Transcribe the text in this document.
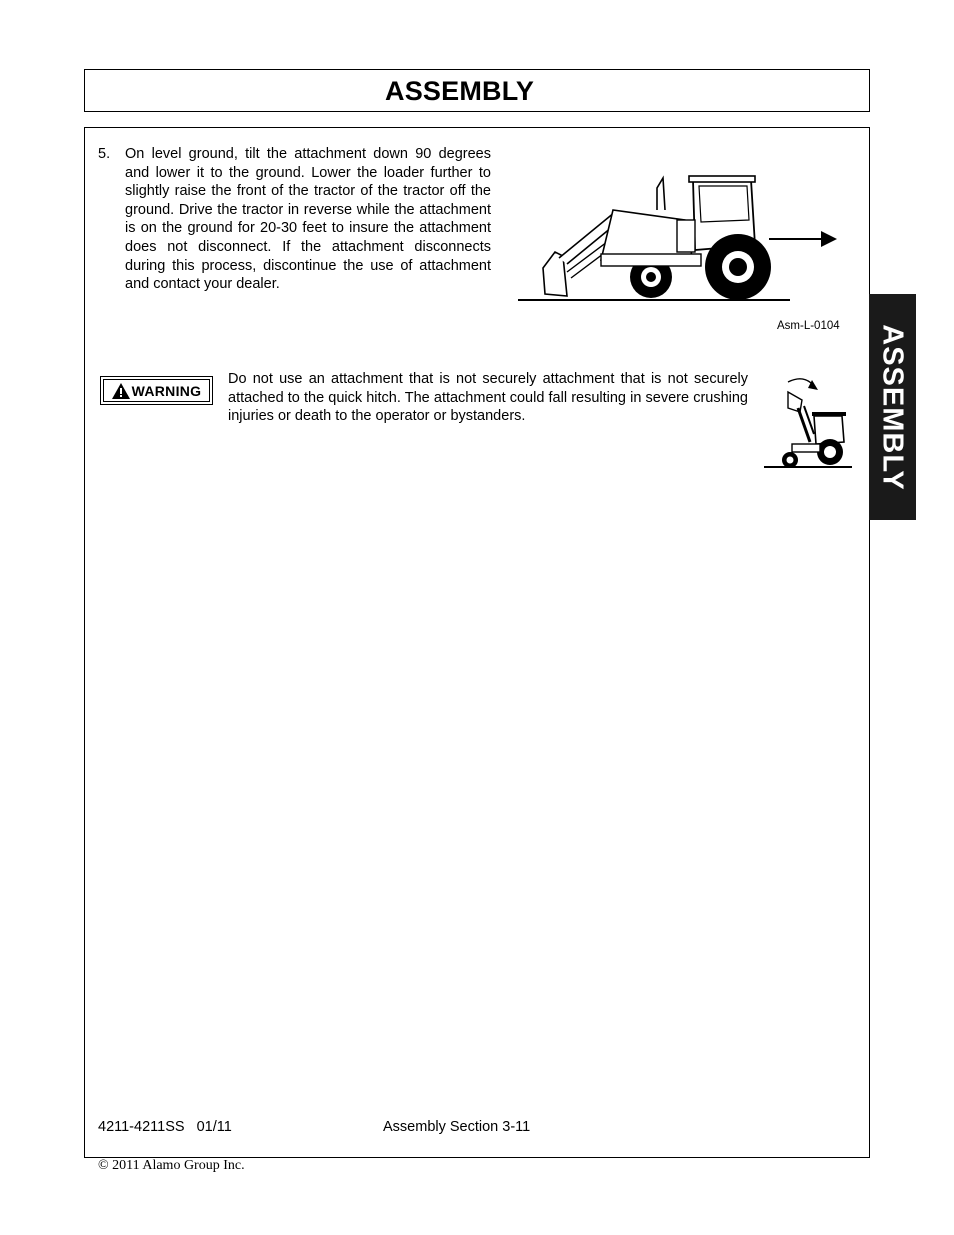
ASSEMBLY
5. On level ground, tilt the attachment down 90 degrees and lower it to the ground. Lower the loader further to slightly raise the front of the tractor of the tractor off the ground. Drive the tractor in reverse while the attachment is on the ground for 20-30 feet to insure the attachment does not disconnect. If the attachment disconnects during this process, discontinue the use of attachment and contact your dealer.
Asm-L-0104
WARNING
Do not use an attachment that is not securely attachment that is not securely attached to the quick hitch. The attachment could fall resulting in severe crushing injuries or death to the operator or bystanders.	ASSEMBLY
4211-4211SS   01/11	Assembly Section 3-11
© 2011 Alamo Group Inc.
